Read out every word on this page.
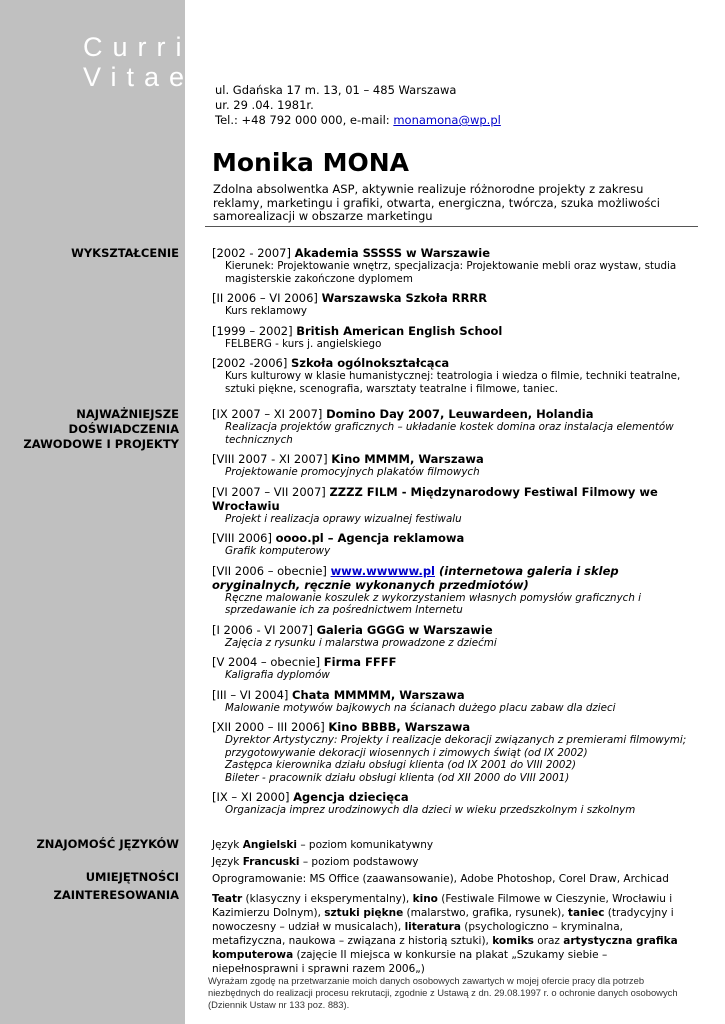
Curriculum
Vitae	ul. Gdańska 17 m. 13, 01 – 485 Warszawa
ur. 29 .04. 1981r.
Tel.: +48 792 000 000, e-mail: monamona@wp.pl
Monika MONA
Zdolna absolwentka ASP, aktywnie realizuje różnorodne projekty z zakresu reklamy, marketingu i grafiki, otwarta, energiczna, twórcza, szuka możliwości samorealizacji w obszarze marketingu
WYKSZTAŁCENIE	[2002 - 2007] Akademia SSSSS w Warszawie
Kierunek: Projektowanie wnętrz, specjalizacja: Projektowanie mebli oraz wystaw, studia magisterskie zakończone dyplomem
[II 2006 – VI 2006] Warszawska Szkoła RRRR
Kurs reklamowy
[1999 – 2002] British American English School
FELBERG - kurs j. angielskiego
[2002 -2006] Szkoła ogólnokształcąca
Kurs kulturowy w klasie humanistycznej: teatrologia i wiedza o filmie, techniki teatralne, sztuki piękne, scenografia, warsztaty teatralne i filmowe, taniec.
NAJWAŻNIEJSZE
DOŚWIADCZENIA
ZAWODOWE I PROJEKTY
[IX 2007 – XI 2007] Domino Day 2007, Leuwardeen, Holandia
Realizacja projektów graficznych – układanie kostek domina oraz instalacja elementów technicznych
[VIII 2007 - XI 2007] Kino MMMM, Warszawa
Projektowanie promocyjnych plakatów filmowych
[VI 2007 – VII 2007] ZZZZ FILM - Międzynarodowy Festiwal Filmowy we Wrocławiu
Projekt i realizacja oprawy wizualnej festiwalu
[VIII 2006] oooo.pl – Agencja reklamowa
Grafik komputerowy
[VII 2006 – obecnie] www.wwwww.pl (internetowa galeria i sklep oryginalnych, ręcznie wykonanych przedmiotów)
Ręczne malowanie koszulek z wykorzystaniem własnych pomysłów graficznych i sprzedawanie ich za pośrednictwem Internetu
[I 2006 - VI 2007] Galeria GGGG w Warszawie
Zajęcia z rysunku i malarstwa prowadzone z dziećmi
[V 2004 – obecnie] Firma FFFF
Kaligrafia dyplomów
[III – VI 2004] Chata MMMMM, Warszawa
Malowanie motywów bajkowych na ścianach dużego placu zabaw dla dzieci
[XII 2000 – III 2006] Kino BBBB, Warszawa
Dyrektor Artystyczny: Projekty i realizacje dekoracji związanych z premierami filmowymi; przygotowywanie dekoracji wiosennych i zimowych świąt (od IX 2002)
Zastępca kierownika działu obsługi klienta (od IX 2001 do VIII 2002)
Bileter - pracownik działu obsługi klienta (od XII 2000 do VIII 2001)
[IX – XI 2000] Agencja dziecięca
Organizacja imprez urodzinowych dla dzieci w wieku przedszkolnym i szkolnym
ZNAJOMOŚĆ JĘZYKÓW	Język Angielski – poziom komunikatywny
Język Francuski – poziom podstawowy
UMIEJĘTNOŚCI	Oprogramowanie: MS Office (zaawansowanie), Adobe Photoshop, Corel Draw, Archicad
ZAINTERESOWANIA	Teatr (klasyczny i eksperymentalny), kino (Festiwale Filmowe w Cieszynie, Wrocławiu i Kazimierzu Dolnym), sztuki piękne (malarstwo, grafika, rysunek), taniec (tradycyjny i nowoczesny – udział w musicalach), literatura (psychologiczno – kryminalna, metafizyczna, naukowa – związana z historią sztuki), komiks oraz artystyczna grafika komputerowa (zajęcie II miejsca w konkursie na plakat „Szukamy siebie – niepełnosprawni i sprawni razem 2006„)
Wyrażam zgodę na przetwarzanie moich danych osobowych zawartych w mojej ofercie pracy dla potrzeb niezbędnych do realizacji procesu rekrutacji, zgodnie z Ustawą z dn. 29.08.1997 r. o ochronie danych osobowych (Dziennik Ustaw nr 133 poz. 883).
